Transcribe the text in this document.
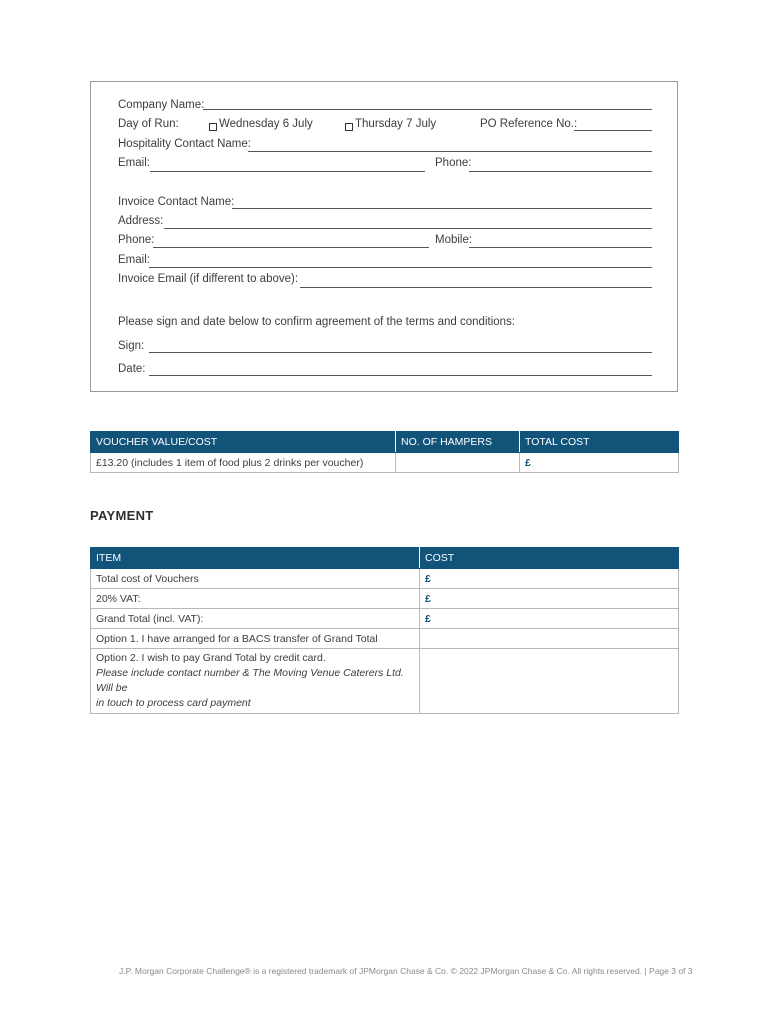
Company Name:
Day of Run:	Wednesday 6 July	Thursday 7 July	PO Reference No.:
Hospitality Contact Name:
Email:	Phone:
Invoice Contact Name:
Address:
Phone:	Mobile:
Email:
Invoice Email (if different to above):
Please sign and date below to confirm agreement of the terms and conditions:
Sign:
Date:
VOUCHER VALUE/COST	NO. OF HAMPERS	TOTAL COST
£13.20 (includes 1 item of food plus 2 drinks per voucher)		£
PAYMENT
ITEM	COST
Total cost of Vouchers	£
20% VAT:	£
Grand Total (incl. VAT):	£
Option 1. I have arranged for a BACS transfer of Grand Total	

Option 2. I wish to pay Grand Total by credit card.
Please include contact number & The Moving Venue Caterers Ltd. Will be
in touch to process card payment	

J.P. Morgan Corporate Challenge® is a registered trademark of JPMorgan Chase & Co. © 2022 JPMorgan Chase & Co. All rights reserved. | Page 3 of 3
